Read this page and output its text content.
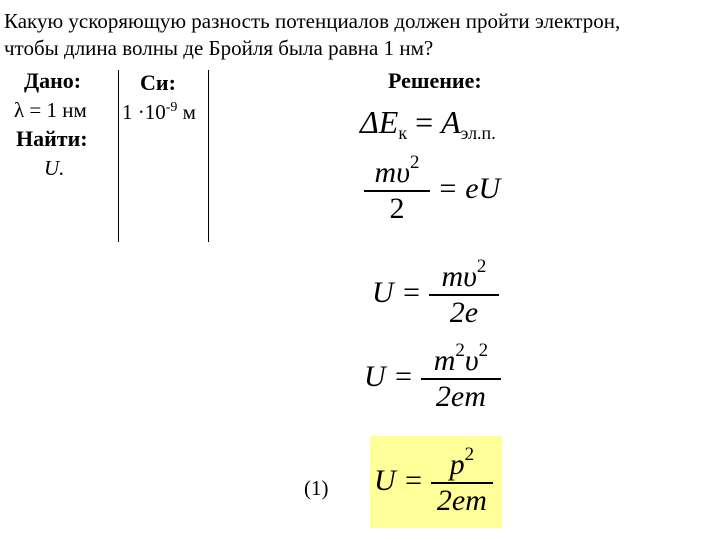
Какую ускоряющую разность потенциалов должен пройти электрон,
чтобы длина волны де Бройля была равна 1 нм?
Дано:
λ = 1 нм
Найти:
U.
Си:
$1 \cdot 10^{-9}$ м
Решение:
$\Delta E_к = A_{эл.п.}$
$\frac{m\upsilon^2}{2}$ = eU
$U = \frac{m\upsilon^2}{2e}$
$U = \frac{m^2\upsilon^2}{2em}$
(1) $U = \frac{p^2}{2em}$
